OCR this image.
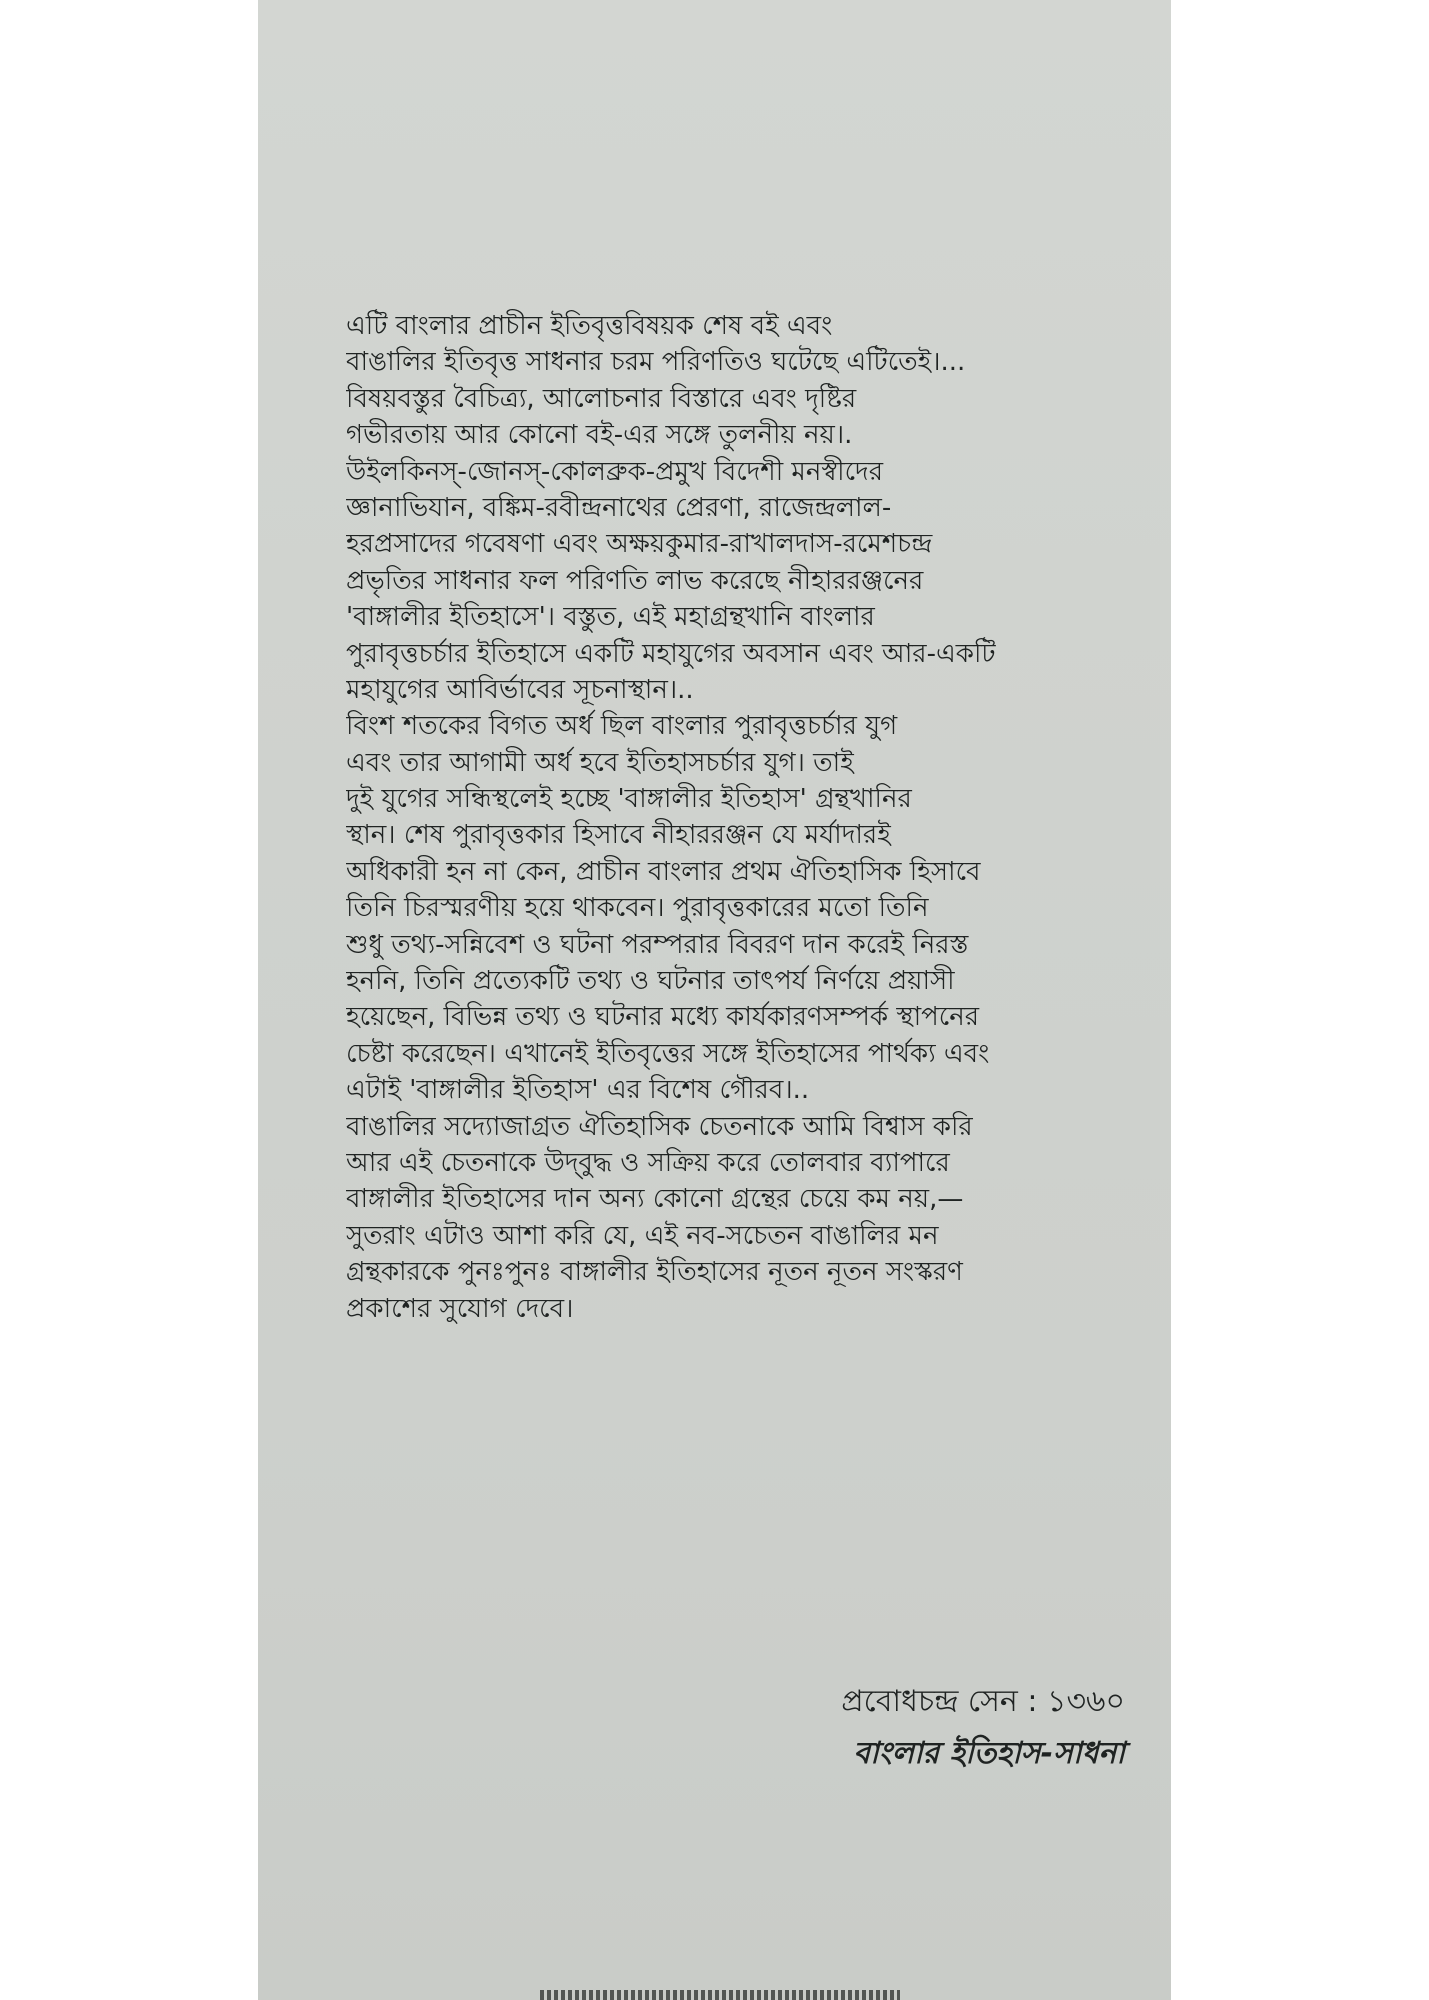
এটি বাংলার প্রাচীন ইতিবৃত্তবিষয়ক শেষ বই এবং
বাঙালির ইতিবৃত্ত সাধনার চরম পরিণতিও ঘটেছে এটিতেই।...
বিষয়বস্তুর বৈচিত্র্য, আলোচনার বিস্তারে এবং দৃষ্টির
গভীরতায় আর কোনো বই-এর সঙ্গে তুলনীয় নয়।.
উইলকিনস্-জোনস্-কোলব্রুক-প্রমুখ বিদেশী মনস্বীদের
জ্ঞানাভিযান, বঙ্কিম-রবীন্দ্রনাথের প্রেরণা, রাজেন্দ্রলাল-
হরপ্রসাদের গবেষণা এবং অক্ষয়কুমার-রাখালদাস-রমেশচন্দ্র
প্রভৃতির সাধনার ফল পরিণতি লাভ করেছে নীহাররঞ্জনের
'বাঙ্গালীর ইতিহাসে'। বস্তুত, এই মহাগ্রন্থখানি বাংলার
পুরাবৃত্তচর্চার ইতিহাসে একটি মহাযুগের অবসান এবং আর-একটি
মহাযুগের আবির্ভাবের সূচনাস্থান।..
বিংশ শতকের বিগত অর্ধ ছিল বাংলার পুরাবৃত্তচর্চার যুগ
এবং তার আগামী অর্ধ হবে ইতিহাসচর্চার যুগ। তাই
দুই যুগের সন্ধিস্থলেই হচ্ছে 'বাঙ্গালীর ইতিহাস' গ্রন্থখানির
স্থান। শেষ পুরাবৃত্তকার হিসাবে নীহাররঞ্জন যে মর্যাদারই
অধিকারী হন না কেন, প্রাচীন বাংলার প্রথম ঐতিহাসিক হিসাবে
তিনি চিরস্মরণীয় হয়ে থাকবেন। পুরাবৃত্তকারের মতো তিনি
শুধু তথ্য-সন্নিবেশ ও ঘটনা পরম্পরার বিবরণ দান করেই নিরস্ত
হননি, তিনি প্রত্যেকটি তথ্য ও ঘটনার তাৎপর্য নির্ণয়ে প্রয়াসী
হয়েছেন, বিভিন্ন তথ্য ও ঘটনার মধ্যে কার্যকারণসম্পর্ক স্থাপনের
চেষ্টা করেছেন। এখানেই ইতিবৃত্তের সঙ্গে ইতিহাসের পার্থক্য এবং
এটাই 'বাঙ্গালীর ইতিহাস' এর বিশেষ গৌরব।..
বাঙালির সদ্যোজাগ্রত ঐতিহাসিক চেতনাকে আমি বিশ্বাস করি
আর এই চেতনাকে উদ্‌বুদ্ধ ও সক্রিয় করে তোলবার ব্যাপারে
বাঙ্গালীর ইতিহাসের দান অন্য কোনো গ্রন্থের চেয়ে কম নয়,—
সুতরাং এটাও আশা করি যে, এই নব-সচেতন বাঙালির মন
গ্রন্থকারকে পুনঃপুনঃ বাঙ্গালীর ইতিহাসের নূতন নূতন সংস্করণ
প্রকাশের সুযোগ দেবে।
প্রবোধচন্দ্র সেন : ১৩৬০
বাংলার ইতিহাস-সাধনা
